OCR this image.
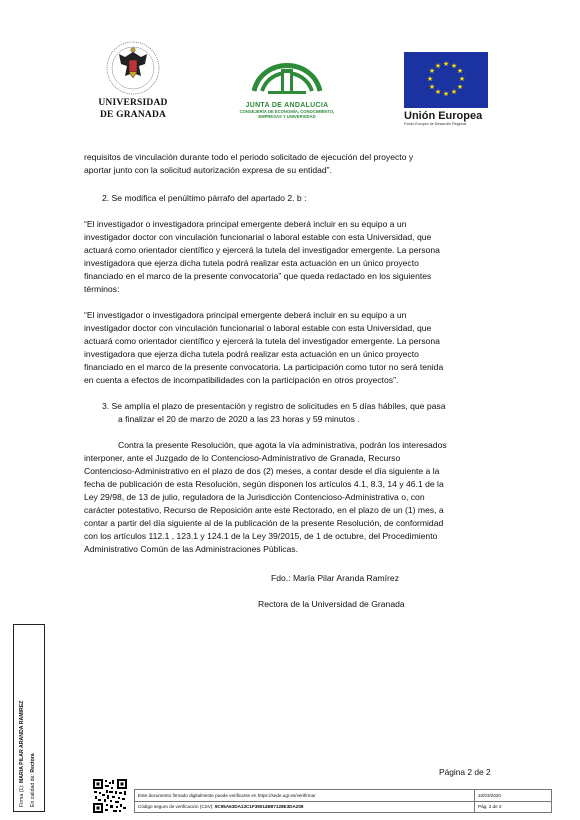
UNIVERSIDAD
DE GRANADA
JUNTA DE ANDALUCIA
CONSEJERÍA DE ECONOMÍA, CONOCIMIENTO,
EMPRESAS Y UNIVERSIDAD
★ ★
★
★
★
★
★
★
★
★
★
★
Unión Europea
Fondo Europeo de Desarrollo Regional
requisitos de vinculación durante todo el periodo solicitado de ejecución del proyecto y
aportar junto con la solicitud autorización expresa de su entidad”.
2. Se modifica el penúltimo párrafo del apartado 2. b :
“El investigador o investigadora principal emergente deberá incluir en su equipo a un
investigador doctor con vinculación funcionarial o laboral estable con esta Universidad, que
actuará como orientador científico y ejercerá la tutela del investigador emergente. La persona
investigadora que ejerza dicha tutela podrá realizar esta actuación en un único proyecto
financiado en el marco de la presente convocatoria” que queda redactado en los siguientes
términos:
“El investigador o investigadora principal emergente deberá incluir en su equipo a un
investigador doctor con vinculación funcionarial o laboral estable con esta Universidad, que
actuará como orientador científico y ejercerá la tutela del investigador emergente. La persona
investigadora que ejerza dicha tutela podrá realizar esta actuación en un único proyecto
financiado en el marco de la presente convocatoria. La participación como tutor no será tenida
en cuenta a efectos de incompatibilidades con la participación en otros proyectos”.
3. Se amplía el plazo de presentación y registro de solicitudes en 5 días hábiles, que pasa
a finalizar el 20 de marzo de 2020 a las 23 horas y 59 minutos .
Contra la presente Resolución, que agota la vía administrativa, podrán los interesados
interponer, ante el Juzgado de lo Contencioso-Administrativo de Granada, Recurso
Contencioso-Administrativo en el plazo de dos (2) meses, a contar desde el día siguiente a la
fecha de publicación de esta Resolución, según disponen los artículos 4.1, 8.3, 14 y 46.1 de la
Ley 29/98, de 13 de julio, reguladora de la Jurisdicción Contencioso-Administrativa o, con
carácter potestativo, Recurso de Reposición ante este Rectorado, en el plazo de un (1) mes, a
contar a partir del día siguiente al de la publicación de la presente Resolución, de conformidad
con los artículos 112.1 , 123.1 y 124.1 de la Ley 39/2015, de 1 de octubre, del Procedimiento
Administrativo Común de las Administraciones Públicas.
Fdo.: María Pilar Aranda Ramírez
Rectora de la Universidad de Granada
Firma (1): MARIA PILAR ARANDA RAMIREZ
En calidad de: Rectora	Página 2 de 2
Este documento firmado digitalmente puede verificarse en https://sede.ugr.es/verifirma/	10/03/2020
Código seguro de verificación (CSV): 9C95A63DA13C1F39014B87128E3DA208	Pág. 2 de 2
